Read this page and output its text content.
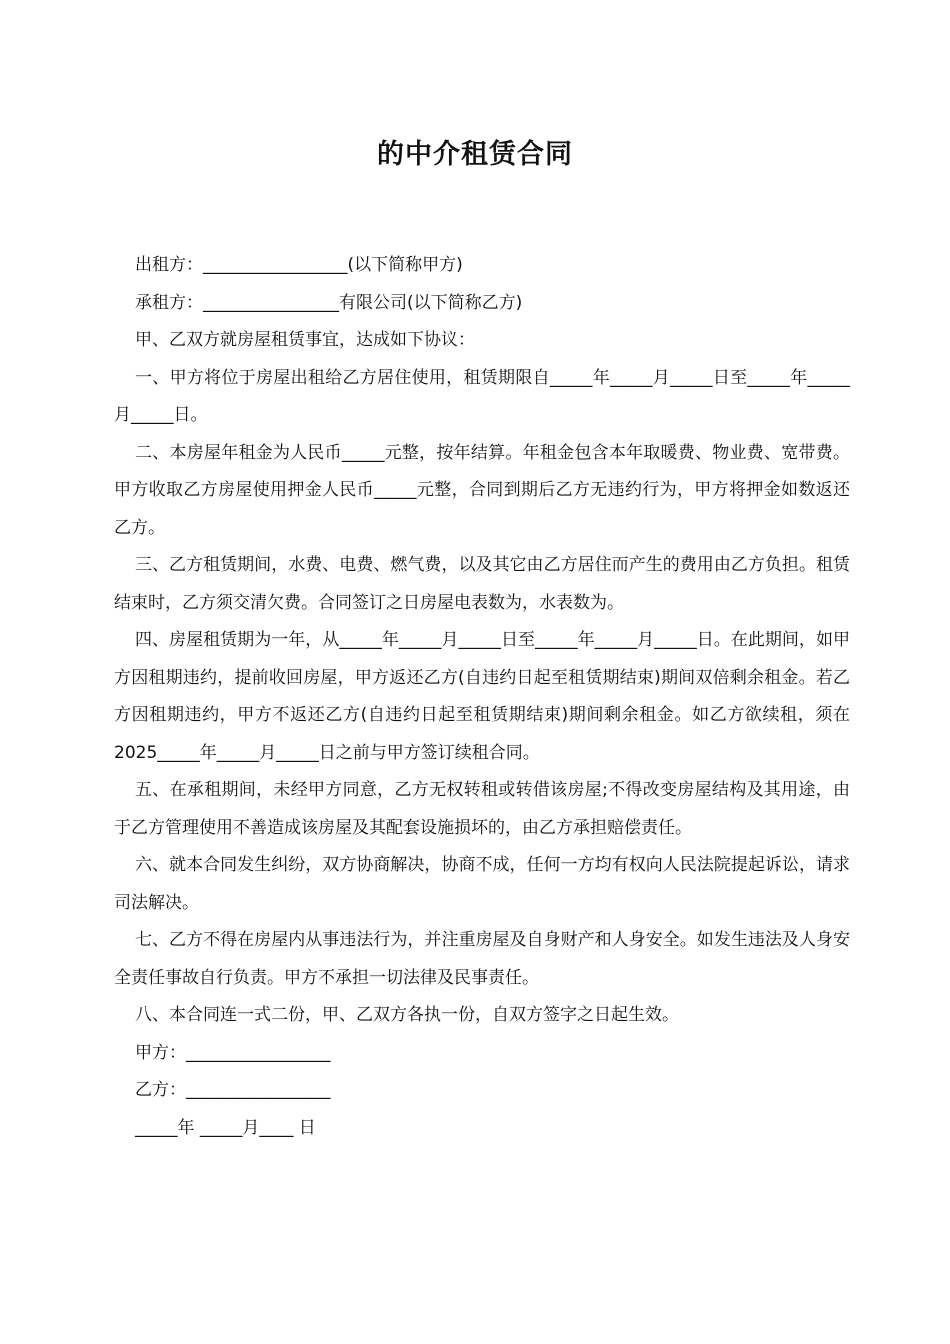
的中介租赁合同

出租方：_________________(以下简称甲方)

承租方：________________有限公司(以下简称乙方)

甲、乙双方就房屋租赁事宜，达成如下协议：

一、甲方将位于房屋出租给乙方居住使用，租赁期限自_____年_____月_____日至_____年_____月_____日。

二、本房屋年租金为人民币_____元整，按年结算。年租金包含本年取暖费、物业费、宽带费。甲方收取乙方房屋使用押金人民币_____元整，合同到期后乙方无违约行为，甲方将押金如数返还乙方。

三、乙方租赁期间，水费、电费、燃气费，以及其它由乙方居住而产生的费用由乙方负担。租赁结束时，乙方须交清欠费。合同签订之日房屋电表数为，水表数为。

四、房屋租赁期为一年，从_____年_____月_____日至_____年_____月_____日。在此期间，如甲方因租期违约，提前收回房屋，甲方返还乙方(自违约日起至租赁期结束)期间双倍剩余租金。若乙方因租期违约，甲方不返还乙方(自违约日起至租赁期结束)期间剩余租金。如乙方欲续租，须在 2025_____年_____月_____日之前与甲方签订续租合同。

五、在承租期间，未经甲方同意，乙方无权转租或转借该房屋;不得改变房屋结构及其用途，由于乙方管理使用不善造成该房屋及其配套设施损坏的，由乙方承担赔偿责任。

六、就本合同发生纠纷，双方协商解决，协商不成，任何一方均有权向人民法院提起诉讼，请求司法解决。

七、乙方不得在房屋内从事违法行为，并注重房屋及自身财产和人身安全。如发生违法及人身安全责任事故自行负责。甲方不承担一切法律及民事责任。

八、本合同连一式二份，甲、乙双方各执一份，自双方签字之日起生效。

甲方：_________________

乙方：_________________

_____年 _____月____ 日
